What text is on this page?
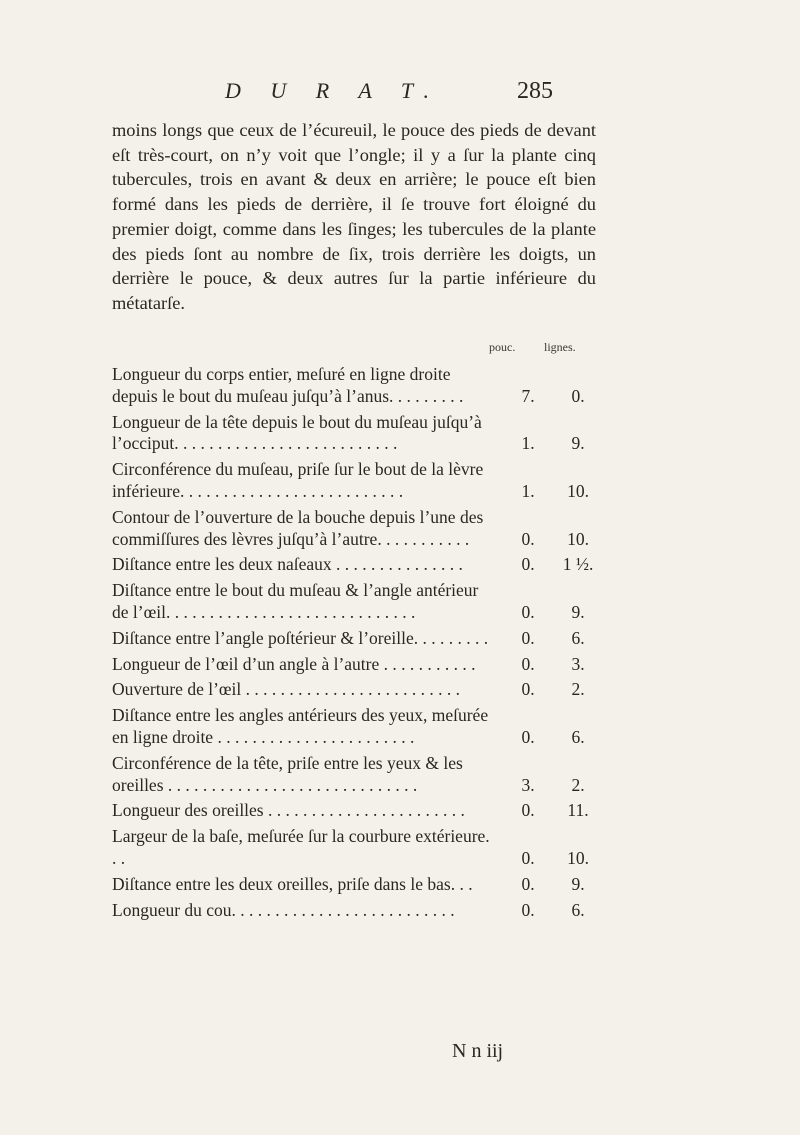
D U R A T.	285

moins longs que ceux de l’écureuil, le pouce des pieds de devant eſt très-court, on n’y voit que l’ongle; il y a ſur la plante cinq tubercules, trois en avant & deux en arrière; le pouce eſt bien formé dans les pieds de derrière, il ſe trouve fort éloigné du premier doigt, comme dans les ſinges; les tubercules de la plante des pieds ſont au nombre de ſix, trois derrière les doigts, un derrière le pouce, & deux autres ſur la partie inférieure du métatarſe.

pouc. lignes.
Longueur du corps entier, meſuré en ligne droite depuis le bout du muſeau juſqu’à l’anus. . . . . . . . .	7.	0.
Longueur de la tête depuis le bout du muſeau juſqu’à l’occiput. . . . . . . . . . . . . . . . . . . . . . . . . .	1.	9.
Circonférence du muſeau, priſe ſur le bout de la lèvre inférieure. . . . . . . . . . . . . . . . . . . . . . . . . .	1.	10.
Contour de l’ouverture de la bouche depuis l’une des commiſſures des lèvres juſqu’à l’autre. . . . . . . . . . .	0.	10.
Diſtance entre les deux naſeaux . . . . . . . . . . . . . . .	0.	1 ½.
Diſtance entre le bout du muſeau & l’angle antérieur de l’œil. . . . . . . . . . . . . . . . . . . . . . . . . . . . .	0.	9.
Diſtance entre l’angle poſtérieur & l’oreille. . . . . . . . .	0.	6.
Longueur de l’œil d’un angle à l’autre . . . . . . . . . . .	0.	3.
Ouverture de l’œil . . . . . . . . . . . . . . . . . . . . . . . . .	0.	2.
Diſtance entre les angles antérieurs des yeux, meſurée en ligne droite . . . . . . . . . . . . . . . . . . . . . . .	0.	6.
Circonférence de la tête, priſe entre les yeux & les oreilles . . . . . . . . . . . . . . . . . . . . . . . . . . . . .	3.	2.
Longueur des oreilles . . . . . . . . . . . . . . . . . . . . . . .	0.	11.
Largeur de la baſe, meſurée ſur la courbure extérieure. . .	0.	10.
Diſtance entre les deux oreilles, priſe dans le bas. . .	0.	9.
Longueur du cou. . . . . . . . . . . . . . . . . . . . . . . . . .	0.	6.
N n iij
